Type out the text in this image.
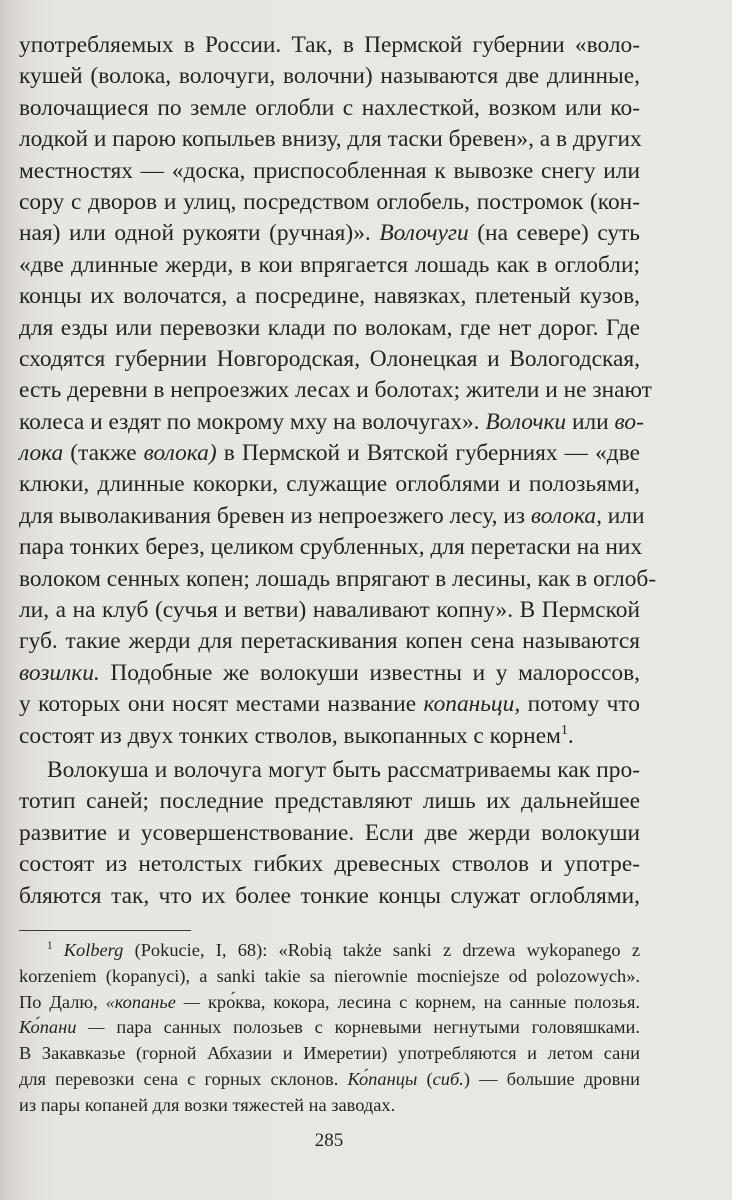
употребляемых в России. Так, в Пермской губернии «воло-
кушей (волока, волочуги, волочни) называются две длинные,
волочащиеся по земле оглобли с нахлесткой, возком или ко-
лодкой и парою копыльев внизу, для таски бревен», а в других
местностях — «доска, приспособленная к вывозке снегу или
сору с дворов и улиц, посредством оглобель, постромок (кон-
ная) или одной рукояти (ручная)». Волочуги (на севере) суть
«две длинные жерди, в кои впрягается лошадь как в оглобли;
концы их волочатся, а посредине, навязках, плетеный кузов,
для езды или перевозки клади по волокам, где нет дорог. Где
сходятся губернии Новгородская, Олонецкая и Вологодская,
есть деревни в непроезжих лесах и болотах; жители и не знают
колеса и ездят по мокрому мху на волочугах». Волочки или во-
лока (также волока) в Пермской и Вятской губерниях — «две
клюки, длинные кокорки, служащие оглоблями и полозьями,
для выволакивания бревен из непроезжего лесу, из волока, или
пара тонких берез, целиком срубленных, для перетаски на них
волоком сенных копен; лошадь впрягают в лесины, как в оглоб-
ли, а на клуб (сучья и ветви) наваливают копну». В Пермской
губ. такие жерди для перетаскивания копен сена называются
возилки. Подобные же волокуши известны и у малороссов,
у которых они носят местами название копаньци, потому что
состоят из двух тонких стволов, выкопанных с корнем$^1$.
Волокуша и волочуга могут быть рассматриваемы как про-
тотип саней; последние представляют лишь их дальнейшее
развитие и усовершенствование. Если две жерди волокуши
состоят из нетолстых гибких древесных стволов и употре-
бляются так, что их более тонкие концы служат оглоблями,
$^1$ Kolberg (Pokucie, I, 68): «Robią także sanki z drzewa wykopanego z
korzeniem (kopanyci), a sanki takie sa nierownie mocniejsze od polozowych».
По Далю, «копанье — кро́ква, кокора, лесина с корнем, на санные полозья.
Ко́пани — пара санных полозьев с корневыми негнутыми головяшками.
В Закавказье (горной Абхазии и Имеретии) употребляются и летом сани
для перевозки сена с горных склонов. Ко́панцы (сиб.) — большие дровни
из пары копаней для возки тяжестей на заводах.
285
